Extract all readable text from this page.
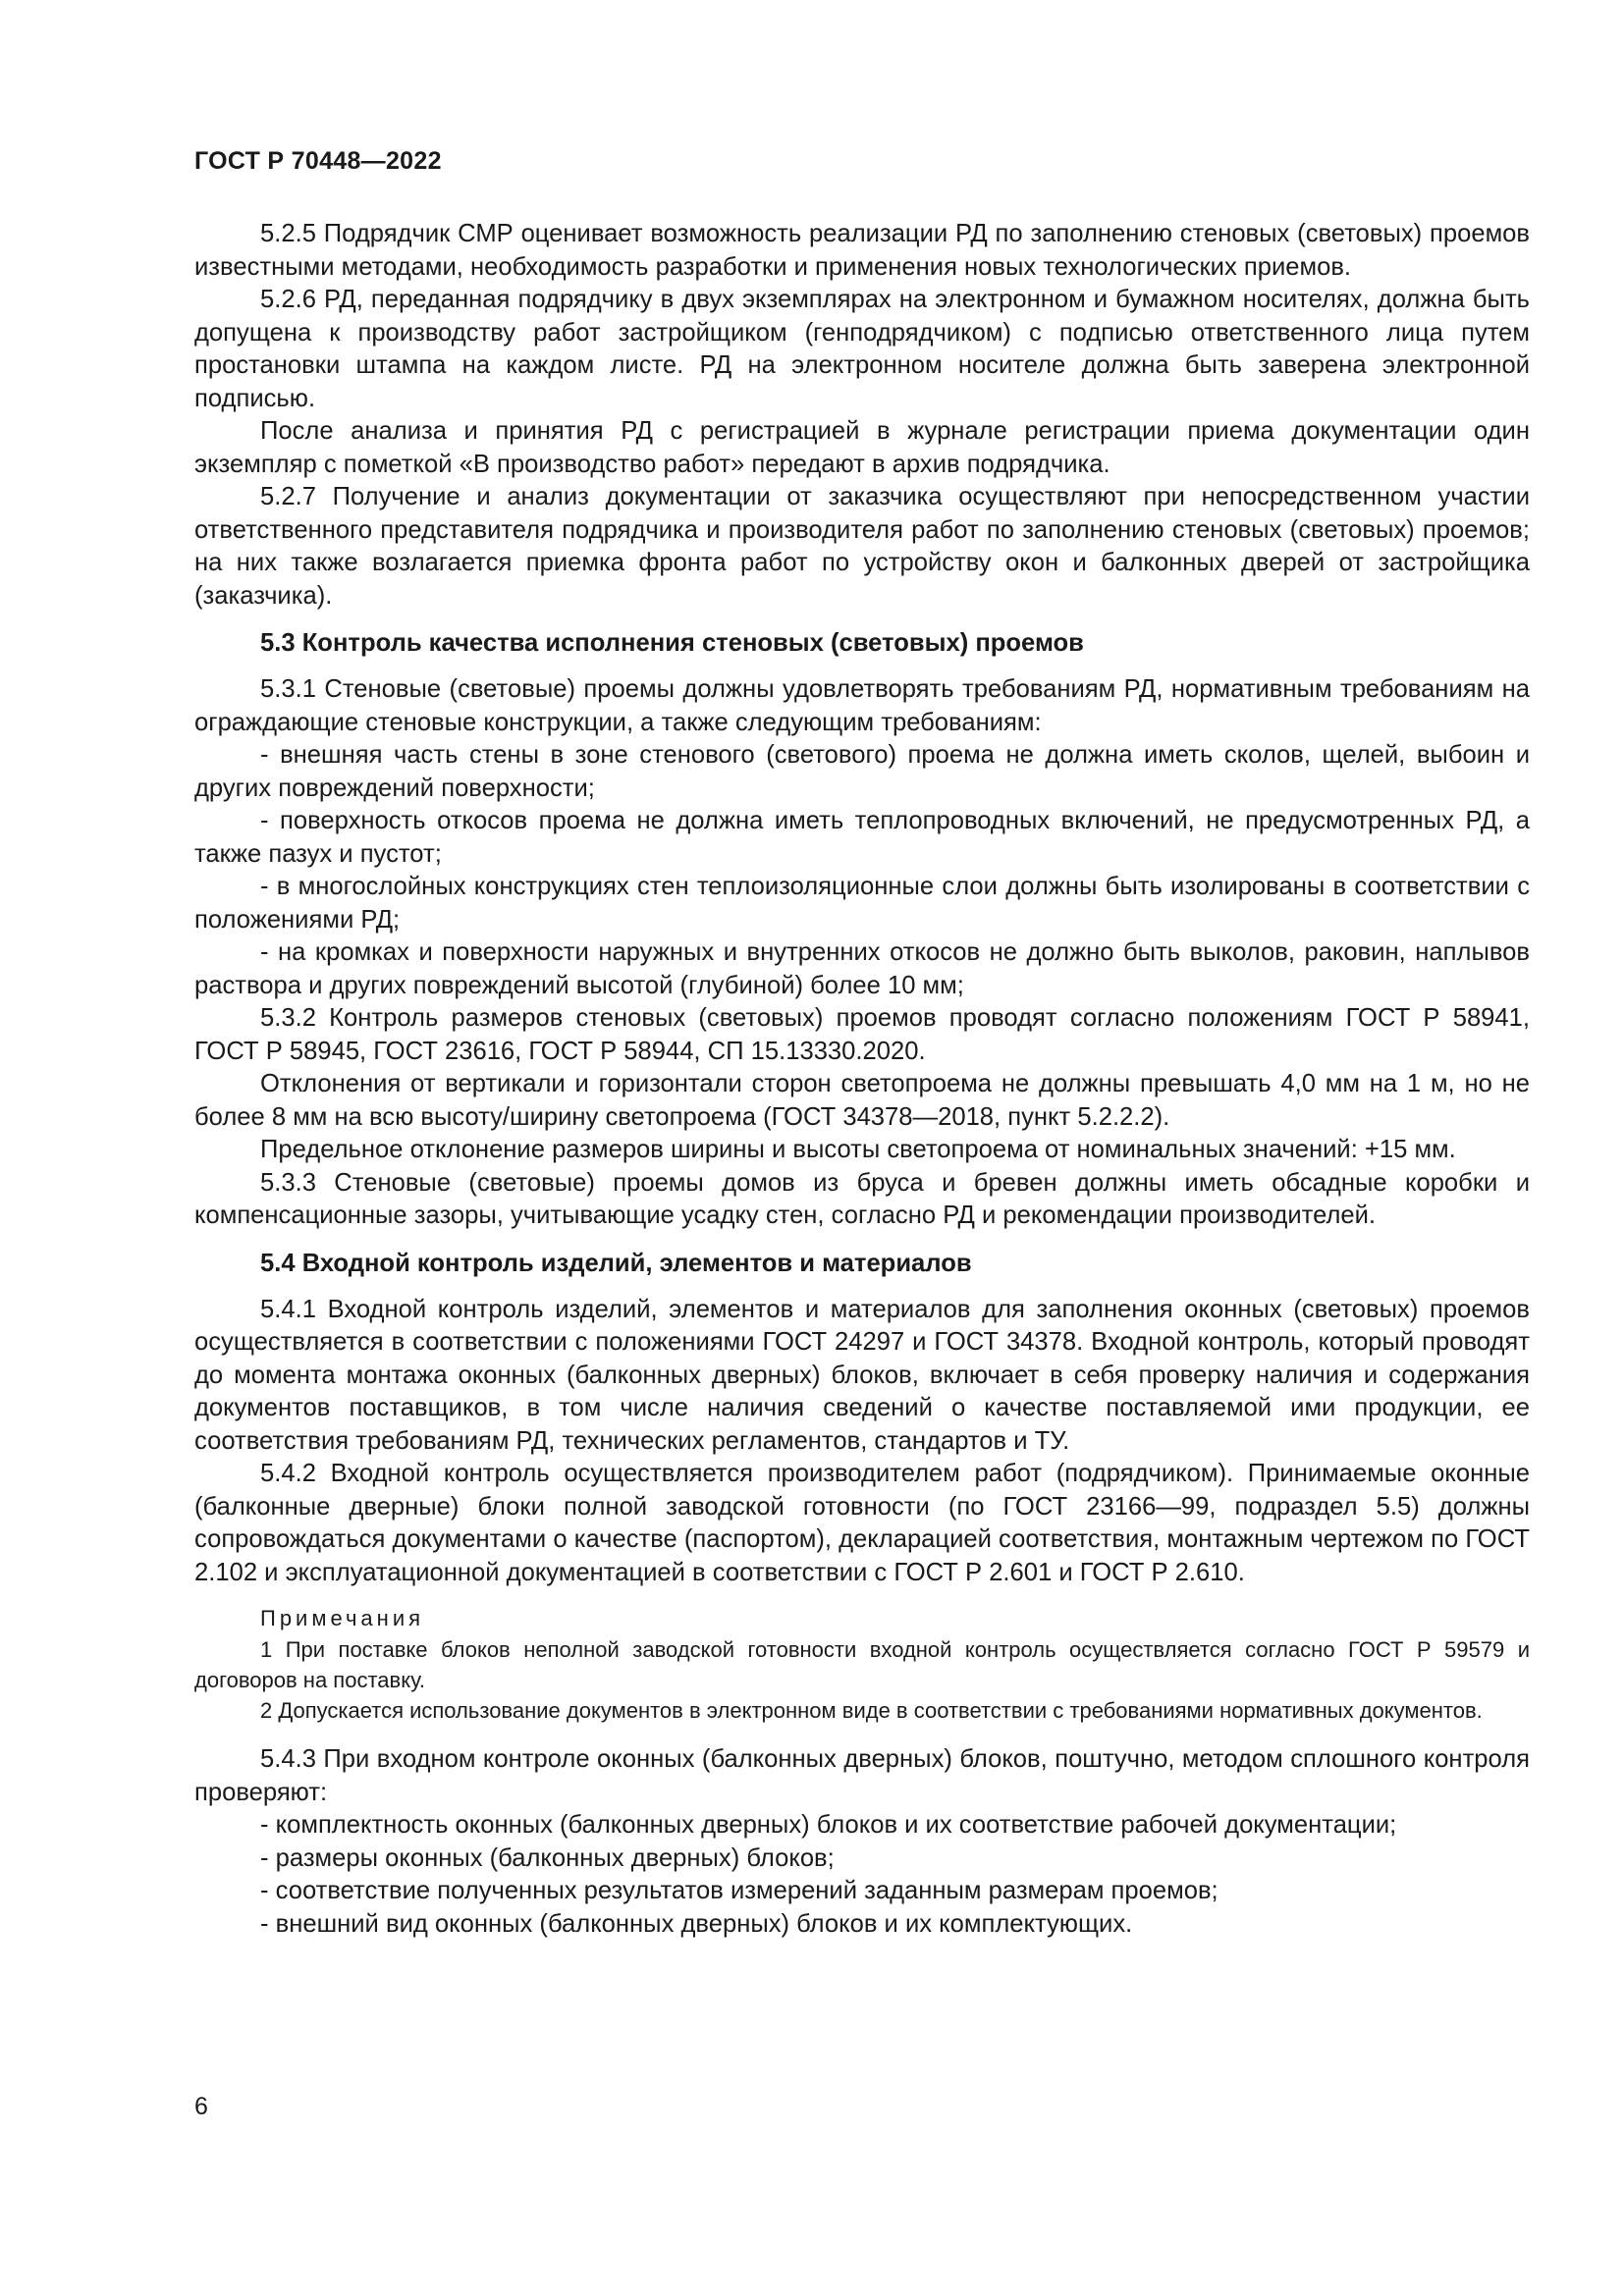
ГОСТ Р 70448—2022

5.2.5 Подрядчик СМР оценивает возможность реализации РД по заполнению стеновых (световых) проемов известными методами, необходимость разработки и применения новых технологических приемов.

5.2.6 РД, переданная подрядчику в двух экземплярах на электронном и бумажном носителях, должна быть допущена к производству работ застройщиком (генподрядчиком) с подписью ответственного лица путем простановки штампа на каждом листе. РД на электронном носителе должна быть заверена электронной подписью.

После анализа и принятия РД с регистрацией в журнале регистрации приема документации один экземпляр с пометкой «В производство работ» передают в архив подрядчика.

5.2.7 Получение и анализ документации от заказчика осуществляют при непосредственном участии ответственного представителя подрядчика и производителя работ по заполнению стеновых (световых) проемов; на них также возлагается приемка фронта работ по устройству окон и балконных дверей от застройщика (заказчика).

5.3 Контроль качества исполнения стеновых (световых) проемов

5.3.1 Стеновые (световые) проемы должны удовлетворять требованиям РД, нормативным требованиям на ограждающие стеновые конструкции, а также следующим требованиям:

- внешняя часть стены в зоне стенового (светового) проема не должна иметь сколов, щелей, выбоин и других повреждений поверхности;

- поверхность откосов проема не должна иметь теплопроводных включений, не предусмотренных РД, а также пазух и пустот;

- в многослойных конструкциях стен теплоизоляционные слои должны быть изолированы в соответствии с положениями РД;

- на кромках и поверхности наружных и внутренних откосов не должно быть выколов, раковин, наплывов раствора и других повреждений высотой (глубиной) более 10 мм;

5.3.2 Контроль размеров стеновых (световых) проемов проводят согласно положениям ГОСТ Р 58941, ГОСТ Р 58945, ГОСТ 23616, ГОСТ Р 58944, СП 15.13330.2020.

Отклонения от вертикали и горизонтали сторон светопроема не должны превышать 4,0 мм на 1 м, но не более 8 мм на всю высоту/ширину светопроема (ГОСТ 34378—2018, пункт 5.2.2.2).

Предельное отклонение размеров ширины и высоты светопроема от номинальных значений: +15 мм.

5.3.3 Стеновые (световые) проемы домов из бруса и бревен должны иметь обсадные коробки и компенсационные зазоры, учитывающие усадку стен, согласно РД и рекомендации производителей.

5.4 Входной контроль изделий, элементов и материалов

5.4.1 Входной контроль изделий, элементов и материалов для заполнения оконных (световых) проемов осуществляется в соответствии с положениями ГОСТ 24297 и ГОСТ 34378. Входной контроль, который проводят до момента монтажа оконных (балконных дверных) блоков, включает в себя проверку наличия и содержания документов поставщиков, в том числе наличия сведений о качестве поставляемой ими продукции, ее соответствия требованиям РД, технических регламентов, стандартов и ТУ.

5.4.2 Входной контроль осуществляется производителем работ (подрядчиком). Принимаемые оконные (балконные дверные) блоки полной заводской готовности (по ГОСТ 23166—99, подраздел 5.5) должны сопровождаться документами о качестве (паспортом), декларацией соответствия, монтажным чертежом по ГОСТ 2.102 и эксплуатационной документацией в соответствии с ГОСТ Р 2.601 и ГОСТ Р 2.610.

Примечания

1 При поставке блоков неполной заводской готовности входной контроль осуществляется согласно ГОСТ Р 59579 и договоров на поставку.

2 Допускается использование документов в электронном виде в соответствии с требованиями нормативных документов.

5.4.3 При входном контроле оконных (балконных дверных) блоков, поштучно, методом сплошного контроля проверяют:

- комплектность оконных (балконных дверных) блоков и их соответствие рабочей документации;

- размеры оконных (балконных дверных) блоков;

- соответствие полученных результатов измерений заданным размерам проемов;

- внешний вид оконных (балконных дверных) блоков и их комплектующих.

6
